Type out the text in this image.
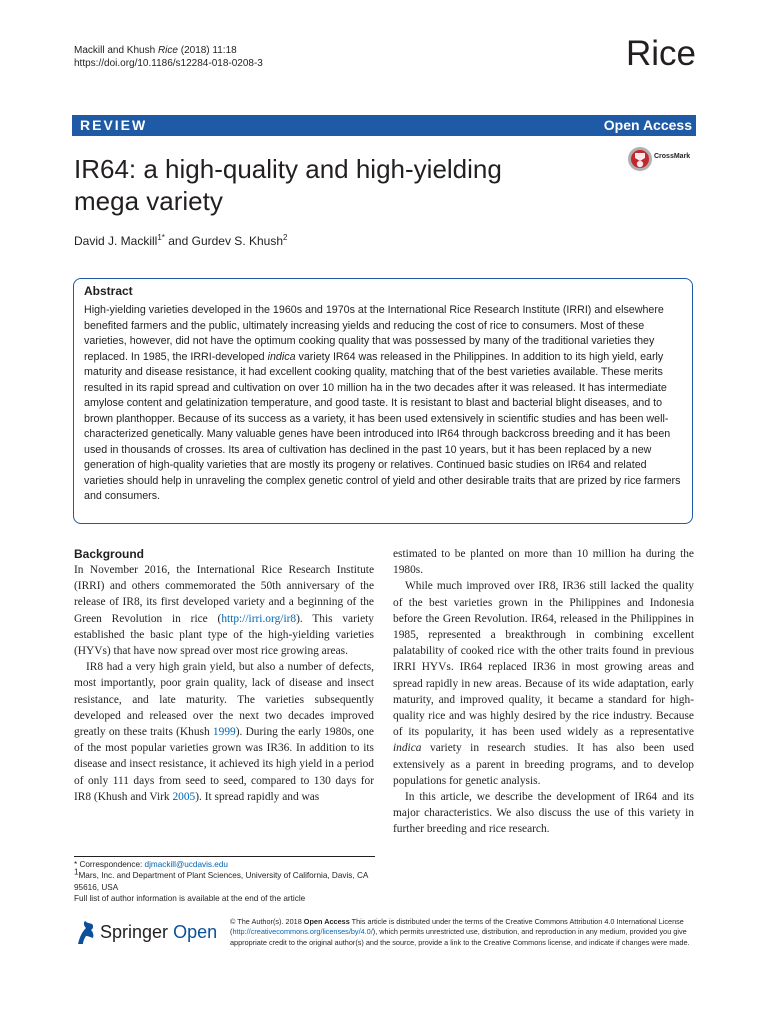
Mackill and Khush Rice (2018) 11:18
https://doi.org/10.1186/s12284-018-0208-3	Rice
REVIEW	Open Access
IR64: a high-quality and high-yielding
mega variety
CrossMark
David J. Mackill$^{1*}$ and Gurdev S. Khush$^2$
Abstract
High-yielding varieties developed in the 1960s and 1970s at the International Rice Research Institute (IRRI) and elsewhere benefited farmers and the public, ultimately increasing yields and reducing the cost of rice to consumers. Most of these varieties, however, did not have the optimum cooking quality that was possessed by many of the traditional varieties they replaced. In 1985, the IRRI-developed indica variety IR64 was released in the Philippines. In addition to its high yield, early maturity and disease resistance, it had excellent cooking quality, matching that of the best varieties available. These merits resulted in its rapid spread and cultivation on over 10 million ha in the two decades after it was released. It has intermediate amylose content and gelatinization temperature, and good taste. It is resistant to blast and bacterial blight diseases, and to brown planthopper. Because of its success as a variety, it has been used extensively in scientific studies and has been well-characterized genetically. Many valuable genes have been introduced into IR64 through backcross breeding and it has been used in thousands of crosses. Its area of cultivation has declined in the past 10 years, but it has been replaced by a new generation of high-quality varieties that are mostly its progeny or relatives. Continued basic studies on IR64 and related varieties should help in unraveling the complex genetic control of yield and other desirable traits that are prized by rice farmers and consumers.
Background

In November 2016, the International Rice Research Institute (IRRI) and others commemorated the 50th anniversary of the release of IR8, its first developed variety and a beginning of the Green Revolution in rice (http://irri.org/ir8). This variety established the basic plant type of the high-yielding varieties (HYVs) that have now spread over most rice growing areas.

IR8 had a very high grain yield, but also a number of defects, most importantly, poor grain quality, lack of disease and insect resistance, and late maturity. The varieties subsequently developed and released over the next two decades improved greatly on these traits (Khush 1999). During the early 1980s, one of the most popular varieties grown was IR36. In addition to its disease and insect resistance, it achieved its high yield in a period of only 111 days from seed to seed, compared to 130 days for IR8 (Khush and Virk 2005). It spread rapidly and was

estimated to be planted on more than 10 million ha during the 1980s.

While much improved over IR8, IR36 still lacked the quality of the best varieties grown in the Philippines and Indonesia before the Green Revolution. IR64, released in the Philippines in 1985, represented a breakthrough in combining excellent palatability of cooked rice with the other traits found in previous IRRI HYVs. IR64 replaced IR36 in most growing areas and spread rapidly in new areas. Because of its wide adaptation, early maturity, and improved quality, it became a standard for high-quality rice and was highly desired by the rice industry. Because of its popularity, it has been used widely as a representative indica variety in research studies. It has also been used extensively as a parent in breeding programs, and to develop populations for genetic analysis.

In this article, we describe the development of IR64 and its major characteristics. We also discuss the use of this variety in further breeding and rice research.

* Correspondence: djmackill@ucdavis.edu
$^1$Mars, Inc. and Department of Plant Sciences, University of California, Davis, CA 95616, USA
Full list of author information is available at the end of the article
Springer Open
© The Author(s). 2018 Open Access This article is distributed under the terms of the Creative Commons Attribution 4.0 International License (http://creativecommons.org/licenses/by/4.0/), which permits unrestricted use, distribution, and reproduction in any medium, provided you give appropriate credit to the original author(s) and the source, provide a link to the Creative Commons license, and indicate if changes were made.
